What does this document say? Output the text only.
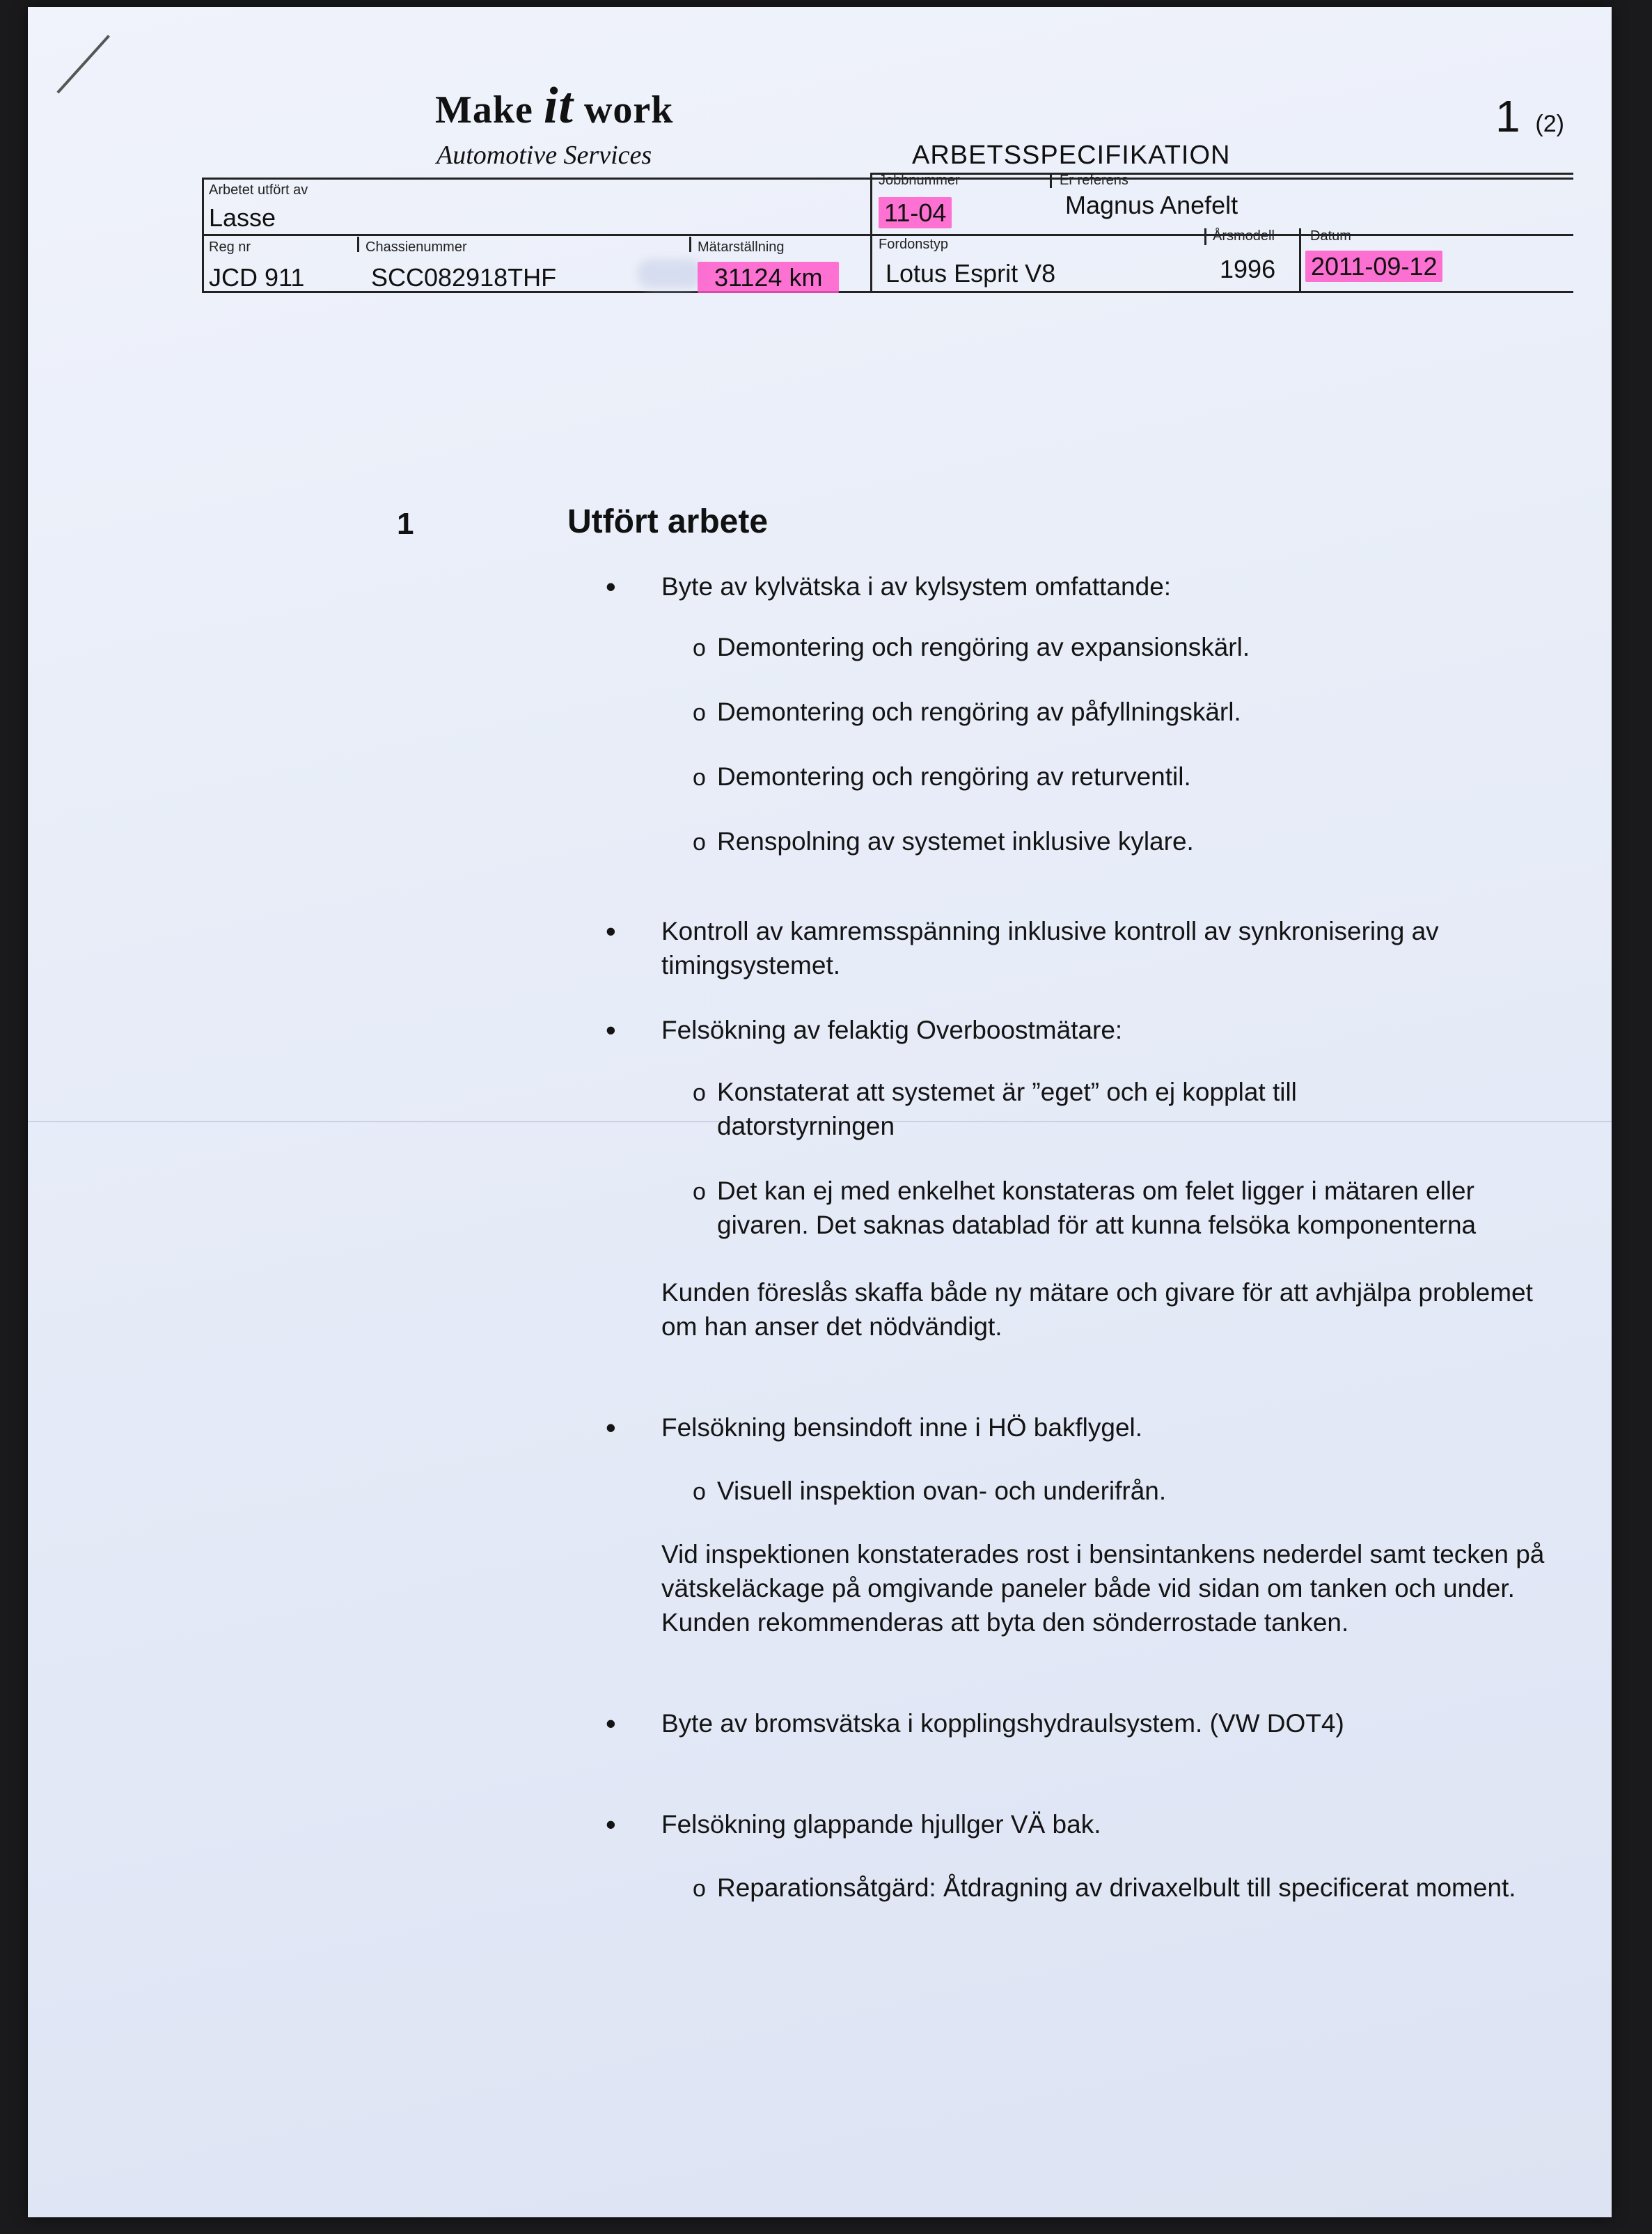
Make it work
Automotive Services
1 (2)
ARBETSSPECIFIKATION
Arbetet utfört av
Lasse
Jobbnummer
11-04
Er referens
Magnus Anefelt
Reg nr
JCD 911
Chassienummer
SCC082918THF
Mätarställning
31124 km
Fordonstyp
Lotus Esprit V8
Årsmodell
1996
Datum
2011-09-12
1	Utfört arbete
• Byte av kylvätska i av kylsystem omfattande:
o Demontering och rengöring av expansionskärl.
o Demontering och rengöring av påfyllningskärl.
o Demontering och rengöring av returventil.
o Renspolning av systemet inklusive kylare.
• Kontroll av kamremsspänning inklusive kontroll av synkronisering av timingsystemet.
• Felsökning av felaktig Overboostmätare:
o Konstaterat att systemet är ”eget” och ej kopplat till datorstyrningen
o Det kan ej med enkelhet konstateras om felet ligger i mätaren eller givaren. Det saknas datablad för att kunna felsöka komponenterna
Kunden föreslås skaffa både ny mätare och givare för att avhjälpa problemet om han anser det nödvändigt.
• Felsökning bensindoft inne i HÖ bakflygel.
o Visuell inspektion ovan- och underifrån.
Vid inspektionen konstaterades rost i bensintankens nederdel samt tecken på vätskeläckage på omgivande paneler både vid sidan om tanken och under. Kunden rekommenderas att byta den sönderrostade tanken.
• Byte av bromsvätska i kopplingshydraulsystem. (VW DOT4)
• Felsökning glappande hjullger VÄ bak.
o Reparationsåtgärd: Åtdragning av drivaxelbult till specificerat moment.
